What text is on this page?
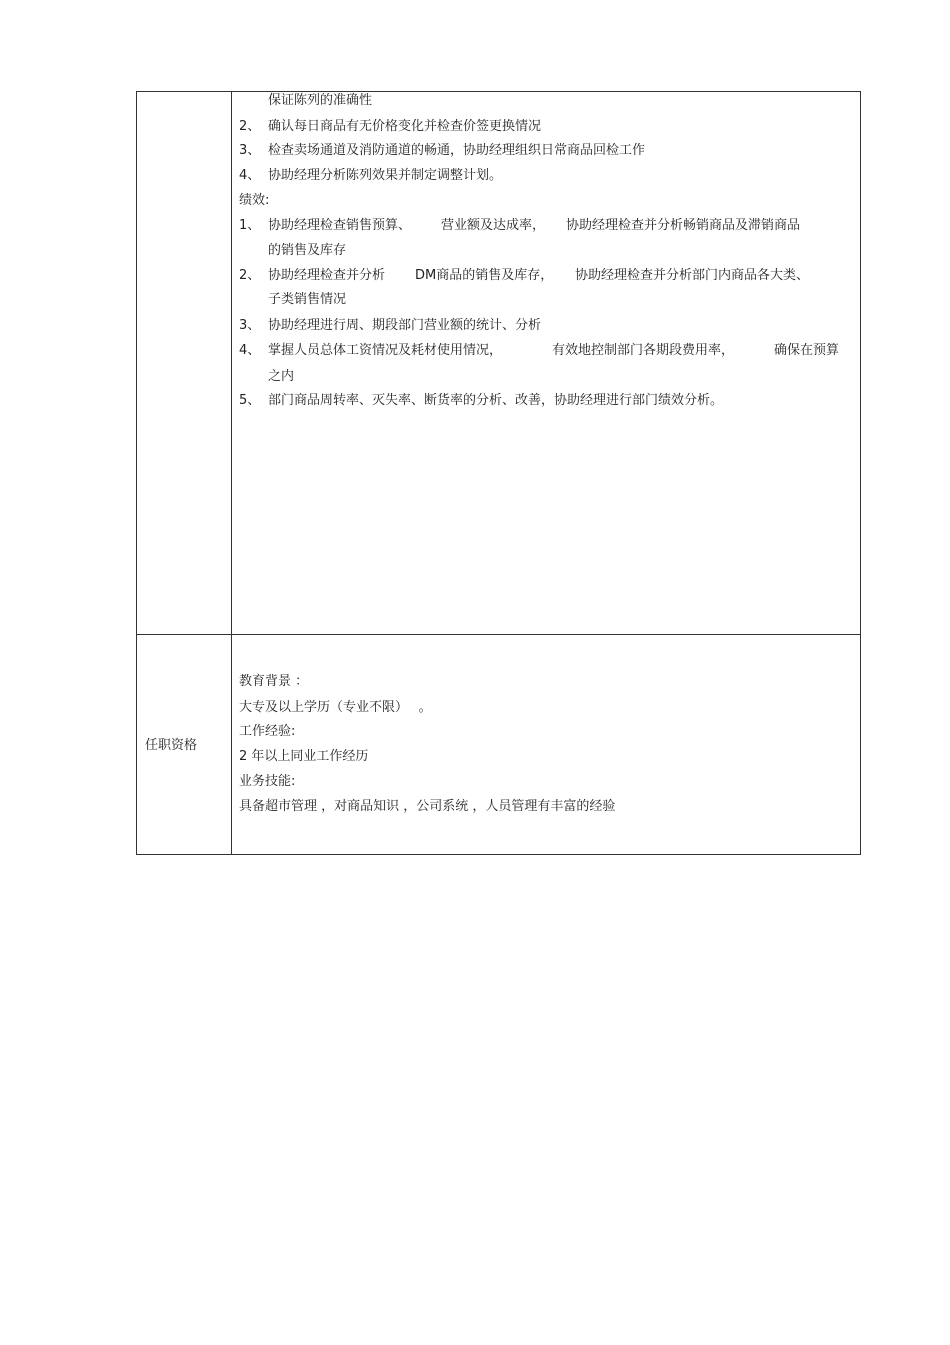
保证陈列的准确性
2、 确认每日商品有无价格变化并检查价签更换情况
3、 检查卖场通道及消防通道的畅通，协助经理组织日常商品回检工作
4、 协助经理分析陈列效果并制定调整计划。
绩效:
1、 协助经理检查销售预算、 营业额及达成率， 协助经理检查并分析畅销商品及滞销商品
的销售及库存
2、 协助经理检查并分析 DM商品的销售及库存， 协助经理检查并分析部门内商品各大类、
子类销售情况
3、 协助经理进行周、期段部门营业额的统计、分析
4、 掌握人员总体工资情况及耗材使用情况，	有效地控制部门各期段费用率，	确保在预算
之内
5、 部门商品周转率、灭失率、断货率的分析、改善，协助经理进行部门绩效分析。
任职资格
教育背景 ：
大专及以上学历（专业不限）　 。
工作经验:
2 年以上同业工作经历
业务技能:
具备超市管理 ，对商品知识 ，公司系统 ，人员管理有丰富的经验
